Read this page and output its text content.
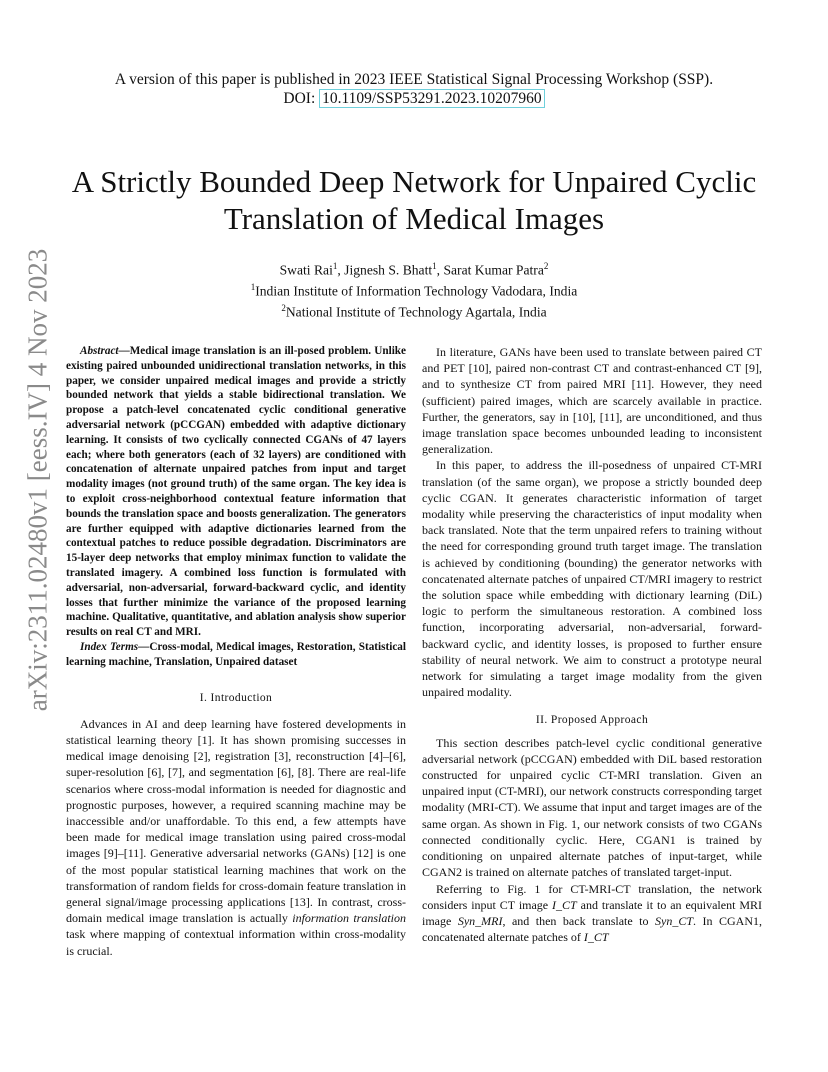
A version of this paper is published in 2023 IEEE Statistical Signal Processing Workshop (SSP).
DOI: 10.1109/SSP53291.2023.10207960
A Strictly Bounded Deep Network for Unpaired Cyclic Translation of Medical Images
Swati Rai$^1$, Jignesh S. Bhatt$^1$, Sarat Kumar Patra$^2$
$^1$Indian Institute of Information Technology Vadodara, India
$^2$National Institute of Technology Agartala, India
arXiv:2311.02480v1 [eess.IV] 4 Nov 2023	Abstract—Medical image translation is an ill-posed problem. Unlike existing paired unbounded unidirectional translation networks, in this paper, we consider unpaired medical images and provide a strictly bounded network that yields a stable bidirectional translation. We propose a patch-level concatenated cyclic conditional generative adversarial network (pCCGAN) embedded with adaptive dictionary learning. It consists of two cyclically connected CGANs of 47 layers each; where both generators (each of 32 layers) are conditioned with concatenation of alternate unpaired patches from input and target modality images (not ground truth) of the same organ. The key idea is to exploit cross-neighborhood contextual feature information that bounds the translation space and boosts generalization. The generators are further equipped with adaptive dictionaries learned from the contextual patches to reduce possible degradation. Discriminators are 15-layer deep networks that employ minimax function to validate the translated imagery. A combined loss function is formulated with adversarial, non-adversarial, forward-backward cyclic, and identity losses that further minimize the variance of the proposed learning machine. Qualitative, quantitative, and ablation analysis show superior results on real CT and MRI.

Index Terms—Cross-modal, Medical images, Restoration, Statistical learning machine, Translation, Unpaired dataset

I. Introduction

Advances in AI and deep learning have fostered developments in statistical learning theory [1]. It has shown promising successes in medical image denoising [2], registration [3], reconstruction [4]–[6], super-resolution [6], [7], and segmentation [6], [8]. There are real-life scenarios where cross-modal information is needed for diagnostic and prognostic purposes, however, a required scanning machine may be inaccessible and/or unaffordable. To this end, a few attempts have been made for medical image translation using paired cross-modal images [9]–[11]. Generative adversarial networks (GANs) [12] is one of the most popular statistical learning machines that work on the transformation of random fields for cross-domain feature translation in general signal/image processing applications [13]. In contrast, cross-domain medical image translation is actually information translation task where mapping of contextual information within cross-modality is crucial.

In literature, GANs have been used to translate between paired CT and PET [10], paired non-contrast CT and contrast-enhanced CT [9], and to synthesize CT from paired MRI [11]. However, they need (sufficient) paired images, which are scarcely available in practice. Further, the generators, say in [10], [11], are unconditioned, and thus image translation space becomes unbounded leading to inconsistent generalization.

In this paper, to address the ill-posedness of unpaired CT-MRI translation (of the same organ), we propose a strictly bounded deep cyclic CGAN. It generates characteristic information of target modality while preserving the characteristics of input modality when back translated. Note that the term unpaired refers to training without the need for corresponding ground truth target image. The translation is achieved by conditioning (bounding) the generator networks with concatenated alternate patches of unpaired CT/MRI imagery to restrict the solution space while embedding with dictionary learning (DiL) logic to perform the simultaneous restoration. A combined loss function, incorporating adversarial, non-adversarial, forward-backward cyclic, and identity losses, is proposed to further ensure stability of neural network. We aim to construct a prototype neural network for simulating a target image modality from the given unpaired modality.

II. Proposed Approach

This section describes patch-level cyclic conditional generative adversarial network (pCCGAN) embedded with DiL based restoration constructed for unpaired cyclic CT-MRI translation. Given an unpaired input (CT-MRI), our network constructs corresponding target modality (MRI-CT). We assume that input and target images are of the same organ. As shown in Fig. 1, our network consists of two CGANs connected conditionally cyclic. Here, CGAN1 is trained by conditioning on unpaired alternate patches of input-target, while CGAN2 is trained on alternate patches of translated target-input.

Referring to Fig. 1 for CT-MRI-CT translation, the network considers input CT image I_CT and translate it to an equivalent MRI image Syn_MRI, and then back translate to Syn_CT. In CGAN1, concatenated alternate patches of I_CT
